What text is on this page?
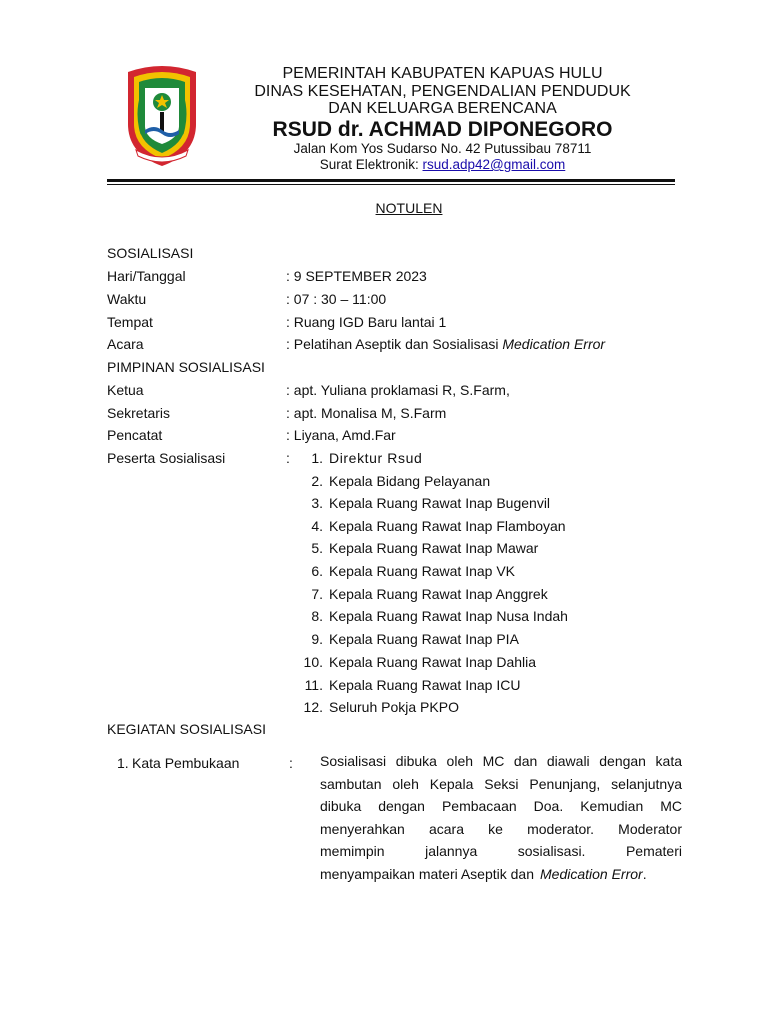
PEMERINTAH KABUPATEN KAPUAS HULU
DINAS KESEHATAN, PENGENDALIAN PENDUDUK
DAN KELUARGA BERENCANA
RSUD dr. ACHMAD DIPONEGORO
Jalan Kom Yos Sudarso No. 42 Putussibau 78711
Surat Elektronik: rsud.adp42@gmail.com
NOTULEN
SOSIALISASI
Hari/Tanggal	: 9 SEPTEMBER 2023
Waktu	: 07 : 30 – 11:00
Tempat	: Ruang IGD Baru lantai 1
Acara	: Pelatihan Aseptik dan Sosialisasi Medication Error
PIMPINAN SOSIALISASI
Ketua	: apt. Yuliana proklamasi R, S.Farm,
Sekretaris	: apt. Monalisa M, S.Farm
Pencatat	: Liyana, Amd.Far
Peserta Sosialisasi	:	1. Direktur Rsud
2. Kepala Bidang Pelayanan
3. Kepala Ruang Rawat Inap Bugenvil
4. Kepala Ruang Rawat Inap Flamboyan
5. Kepala Ruang Rawat Inap Mawar
6. Kepala Ruang Rawat Inap VK
7. Kepala Ruang Rawat Inap Anggrek
8. Kepala Ruang Rawat Inap Nusa Indah
9. Kepala Ruang Rawat Inap PIA
10. Kepala Ruang Rawat Inap Dahlia
11. Kepala Ruang Rawat Inap ICU
12. Seluruh Pokja PKPO
KEGIATAN SOSIALISASI
1. Kata Pembukaan	: Sosialisasi dibuka oleh MC dan diawali dengan kata
sambutan oleh Kepala Seksi Penunjang, selanjutnya
dibuka dengan Pembacaan Doa. Kemudian MC
menyerahkan acara ke moderator. Moderator
memimpin jalannya sosialisasi. Pemateri
menyampaikan materi Aseptik dan Medication Error.
